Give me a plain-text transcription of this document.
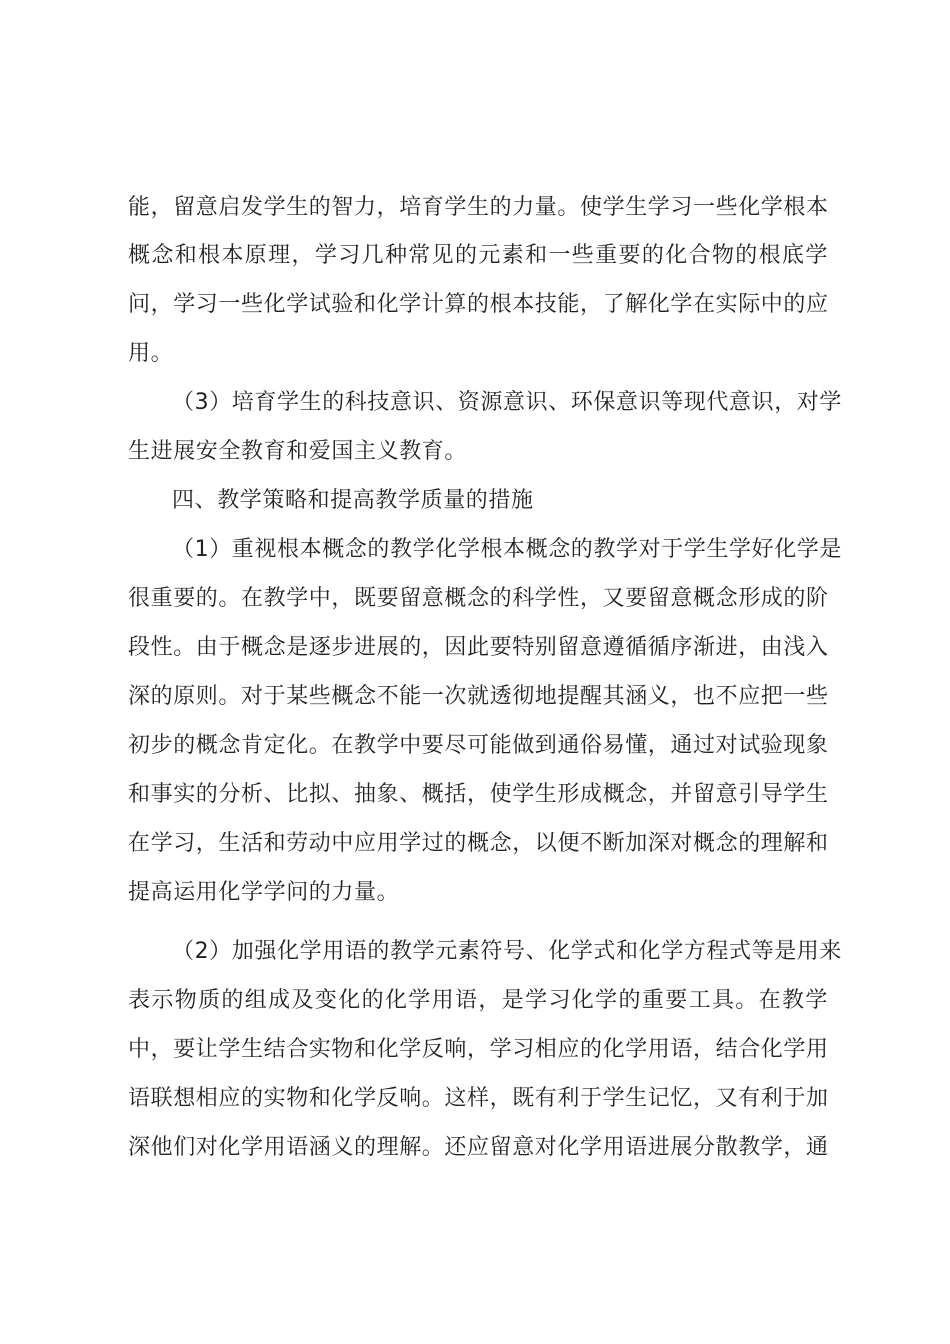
能，留意启发学生的智力，培育学生的力量。使学生学习一些化学根本
概念和根本原理，学习几种常见的元素和一些重要的化合物的根底学
问，学习一些化学试验和化学计算的根本技能，了解化学在实际中的应
用。
（3）培育学生的科技意识、资源意识、环保意识等现代意识，对学
生进展安全教育和爱国主义教育。
四、教学策略和提高教学质量的措施
（1）重视根本概念的教学化学根本概念的教学对于学生学好化学是
很重要的。在教学中，既要留意概念的科学性，又要留意概念形成的阶
段性。由于概念是逐步进展的，因此要特别留意遵循循序渐进，由浅入
深的原则。对于某些概念不能一次就透彻地提醒其涵义，也不应把一些
初步的概念肯定化。在教学中要尽可能做到通俗易懂，通过对试验现象
和事实的分析、比拟、抽象、概括，使学生形成概念，并留意引导学生
在学习，生活和劳动中应用学过的概念，以便不断加深对概念的理解和
提高运用化学学问的力量。
（2）加强化学用语的教学元素符号、化学式和化学方程式等是用来
表示物质的组成及变化的化学用语，是学习化学的重要工具。在教学
中，要让学生结合实物和化学反响，学习相应的化学用语，结合化学用
语联想相应的实物和化学反响。这样，既有利于学生记忆，又有利于加
深他们对化学用语涵义的理解。还应留意对化学用语进展分散教学，通
